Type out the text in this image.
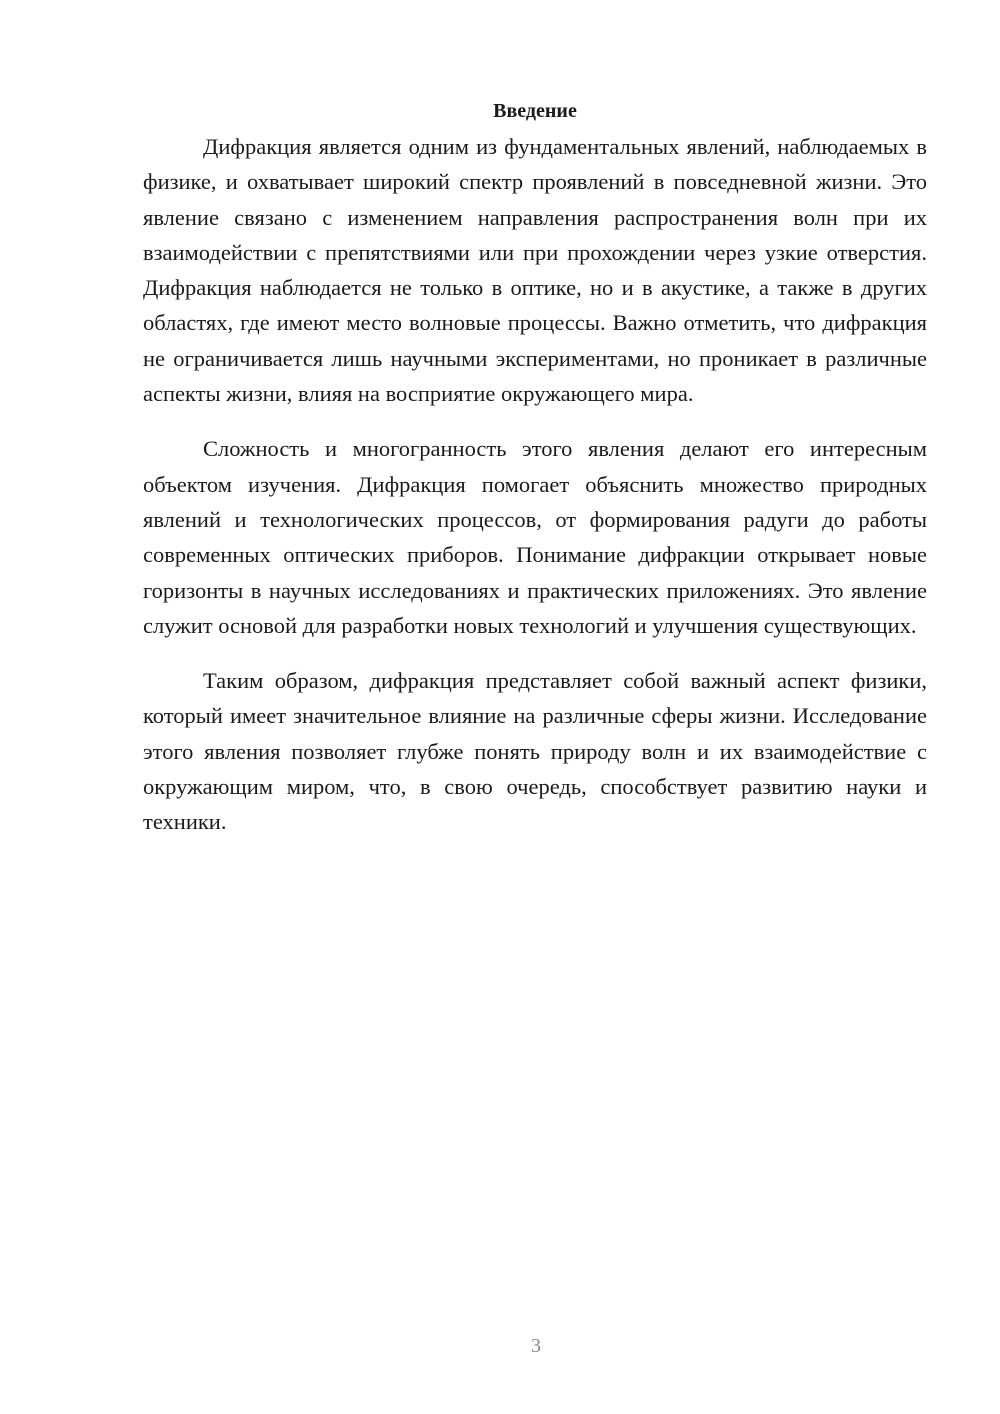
Введение

Дифракция является одним из фундаментальных явлений, наблюдаемых в физике, и охватывает широкий спектр проявлений в повседневной жизни. Это явление связано с изменением направления распространения волн при их взаимодействии с препятствиями или при прохождении через узкие отверстия. Дифракция наблюдается не только в оптике, но и в акустике, а также в других областях, где имеют место волновые процессы. Важно отметить, что дифракция не ограничивается лишь научными экспериментами, но проникает в различные аспекты жизни, влияя на восприятие окружающего мира.

Сложность и многогранность этого явления делают его интересным объектом изучения. Дифракция помогает объяснить множество природных явлений и технологических процессов, от формирования радуги до работы современных оптических приборов. Понимание дифракции открывает новые горизонты в научных исследованиях и практических приложениях. Это явление служит основой для разработки новых технологий и улучшения существующих.

Таким образом, дифракция представляет собой важный аспект физики, который имеет значительное влияние на различные сферы жизни. Исследование этого явления позволяет глубже понять природу волн и их взаимодействие с окружающим миром, что, в свою очередь, способствует развитию науки и техники.

3
